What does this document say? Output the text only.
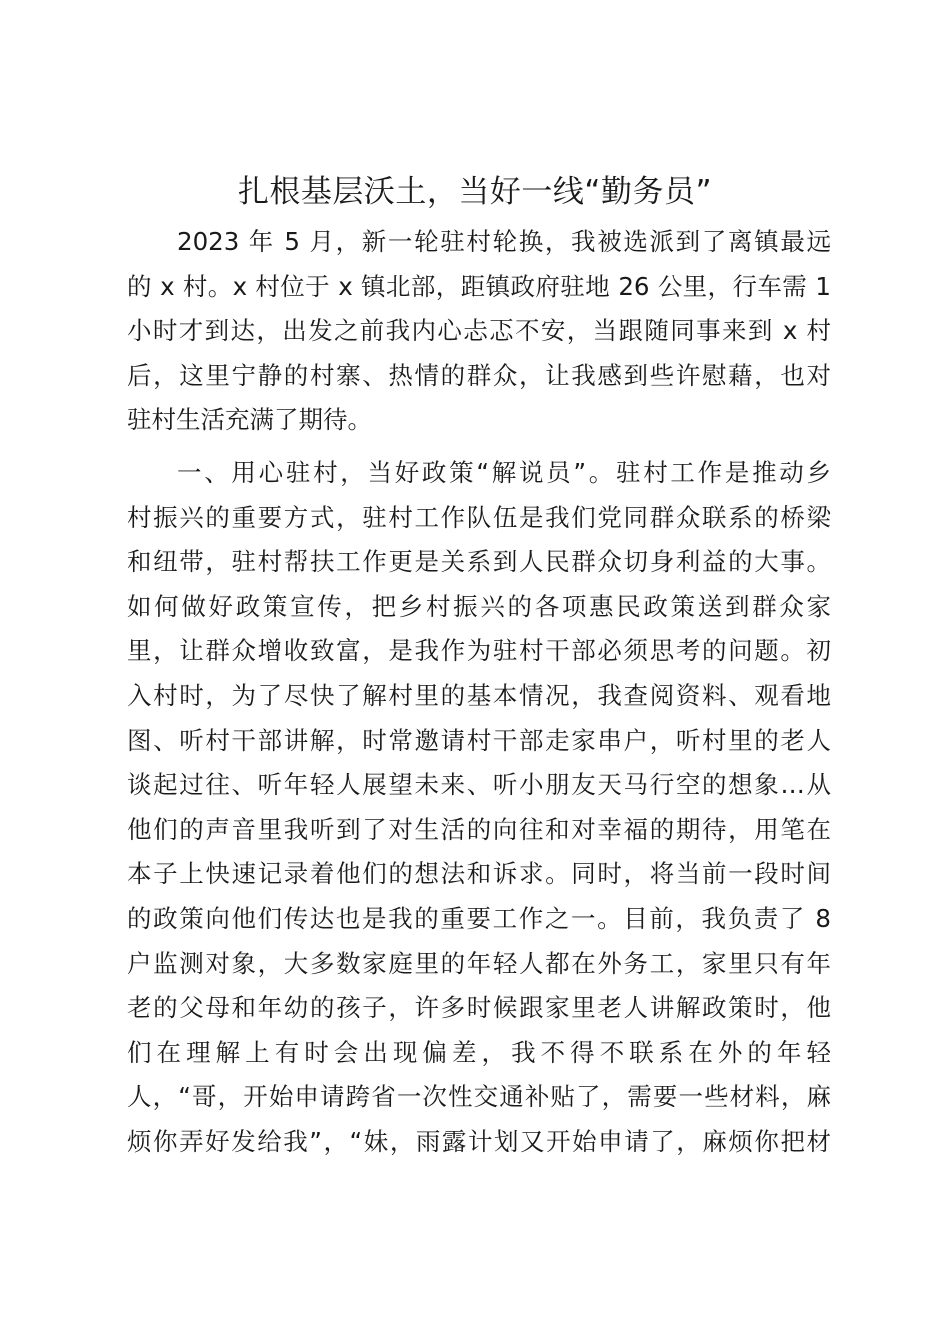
扎根基层沃土，当好一线“勤务员”

2023 年 5 月，新一轮驻村轮换，我被选派到了离镇最远
的 x 村。x 村位于 x 镇北部，距镇政府驻地 26 公里，行车需 1
小时才到达，出发之前我内心忐忑不安，当跟随同事来到 x 村
后，这里宁静的村寨、热情的群众，让我感到些许慰藉，也对
驻村生活充满了期待。

一、用心驻村，当好政策“解说员”。驻村工作是推动乡
村振兴的重要方式，驻村工作队伍是我们党同群众联系的桥梁
和纽带，驻村帮扶工作更是关系到人民群众切身利益的大事。
如何做好政策宣传，把乡村振兴的各项惠民政策送到群众家
里，让群众增收致富，是我作为驻村干部必须思考的问题。初
入村时，为了尽快了解村里的基本情况，我查阅资料、观看地
图、听村干部讲解，时常邀请村干部走家串户，听村里的老人
谈起过往、听年轻人展望未来、听小朋友天马行空的想象…从
他们的声音里我听到了对生活的向往和对幸福的期待，用笔在
本子上快速记录着他们的想法和诉求。同时，将当前一段时间
的政策向他们传达也是我的重要工作之一。目前，我负责了 8
户监测对象，大多数家庭里的年轻人都在外务工，家里只有年
老的父母和年幼的孩子，许多时候跟家里老人讲解政策时，他
们在理解上有时会出现偏差，我不得不联系在外的年轻
人，“哥，开始申请跨省一次性交通补贴了，需要一些材料，麻
烦你弄好发给我”，“妹，雨露计划又开始申请了，麻烦你把材
